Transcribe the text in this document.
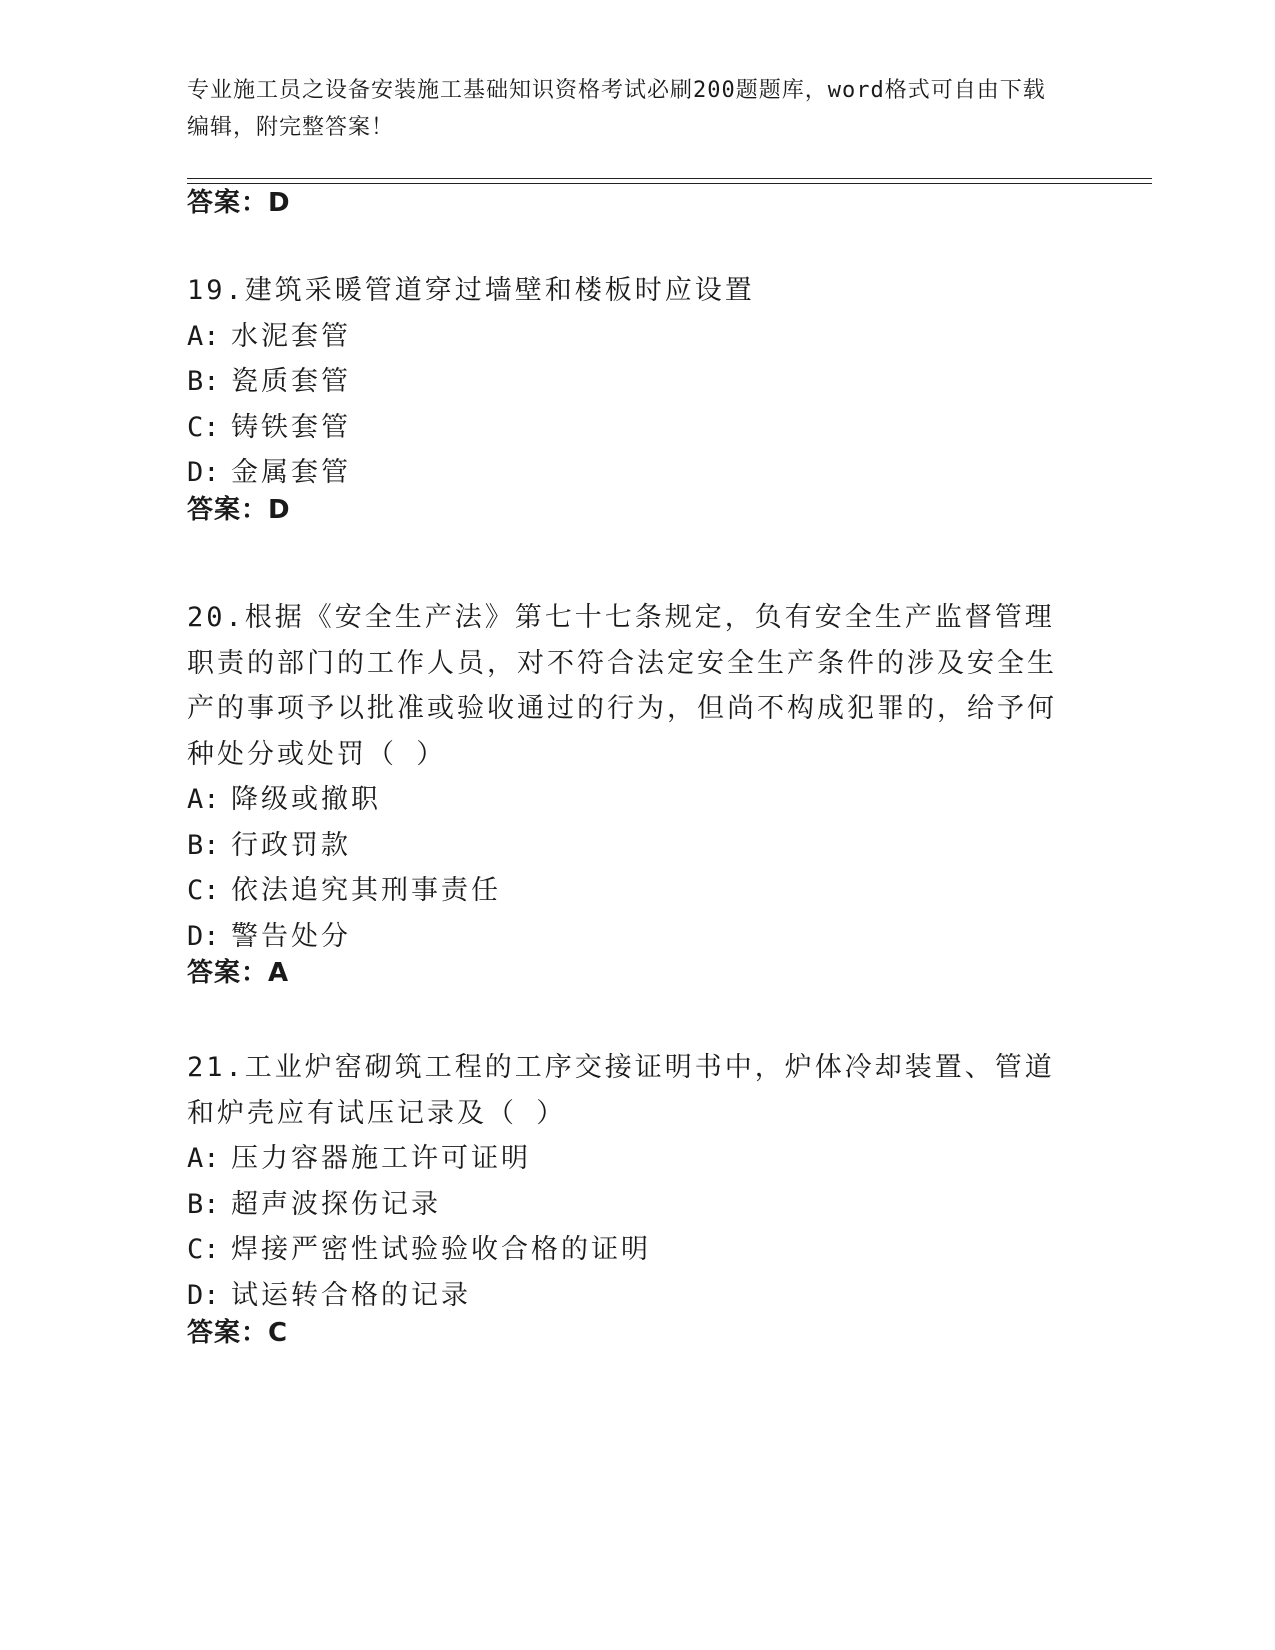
专业施工员之设备安装施工基础知识资格考试必刷200题题库，word格式可自由下载编辑，附完整答案！
答案：D
19.建筑采暖管道穿过墙壁和楼板时应设置
A: 水泥套管
B: 瓷质套管
C: 铸铁套管
D: 金属套管
答案：D
20.根据《安全生产法》第七十七条规定，负有安全生产监督管理职责的部门的工作人员，对不符合法定安全生产条件的涉及安全生产的事项予以批准或验收通过的行为，但尚不构成犯罪的，给予何种处分或处罚（ ）
A: 降级或撤职
B: 行政罚款
C: 依法追究其刑事责任
D: 警告处分
答案：A
21.工业炉窑砌筑工程的工序交接证明书中，炉体冷却装置、管道和炉壳应有试压记录及（ ）
A: 压力容器施工许可证明
B: 超声波探伤记录
C: 焊接严密性试验验收合格的证明
D: 试运转合格的记录
答案：C
